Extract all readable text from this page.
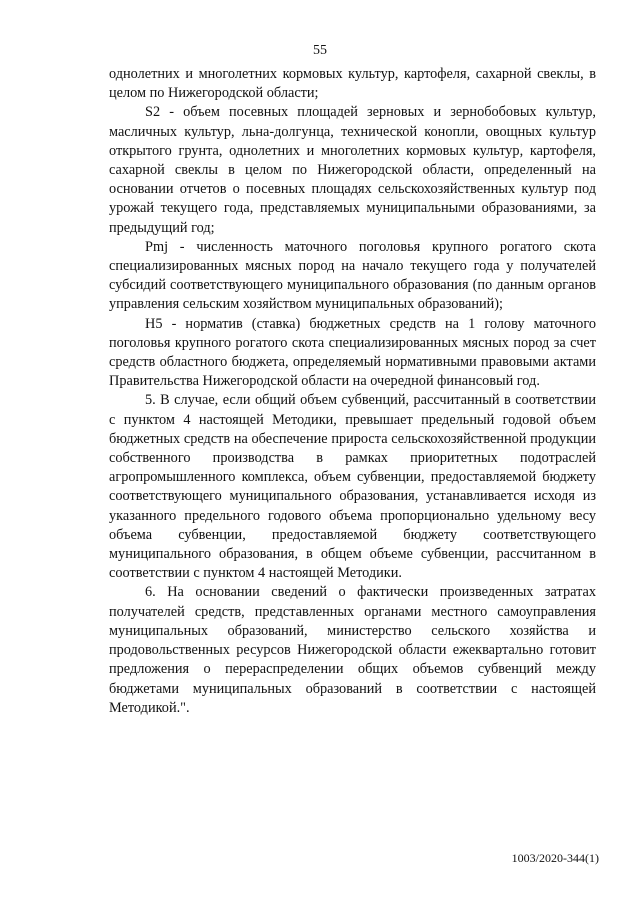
55

однолетних и многолетних кормовых культур, картофеля, сахарной свеклы, в целом по Нижегородской области;

S2 - объем посевных площадей зерновых и зернобобовых культур, масличных культур, льна-долгунца, технической конопли, овощных культур открытого грунта, однолетних и многолетних кормовых культур, картофеля, сахарной свеклы в целом по Нижегородской области, определенный на основании отчетов о посевных площадях сельскохозяйственных культур под урожай текущего года, представляемых муниципальными образованиями, за предыдущий год;

Pmj - численность маточного поголовья крупного рогатого скота специализированных мясных пород на начало текущего года у получателей субсидий соответствующего муниципального образования (по данным органов управления сельским хозяйством муниципальных образований);

Н5 - норматив (ставка) бюджетных средств на 1 голову маточного поголовья крупного рогатого скота специализированных мясных пород за счет средств областного бюджета, определяемый нормативными правовыми актами Правительства Нижегородской области на очередной финансовый год.

5. В случае, если общий объем субвенций, рассчитанный в соответствии с пунктом 4 настоящей Методики, превышает предельный годовой объем бюджетных средств на обеспечение прироста сельскохозяйственной продукции собственного производства в рамках приоритетных подотраслей агропромышленного комплекса, объем субвенции, предоставляемой бюджету соответствующего муниципального образования, устанавливается исходя из указанного предельного годового объема пропорционально удельному весу объема субвенции, предоставляемой бюджету соответствующего муниципального образования, в общем объеме субвенции, рассчитанном в соответствии с пунктом 4 настоящей Методики.

6. На основании сведений о фактически произведенных затратах получателей средств, представленных органами местного самоуправления муниципальных образований, министерство сельского хозяйства и продовольственных ресурсов Нижегородской области ежеквартально готовит предложения о перераспределении общих объемов субвенций между бюджетами муниципальных образований в соответствии с настоящей Методикой.".

1003/2020-344(1)
